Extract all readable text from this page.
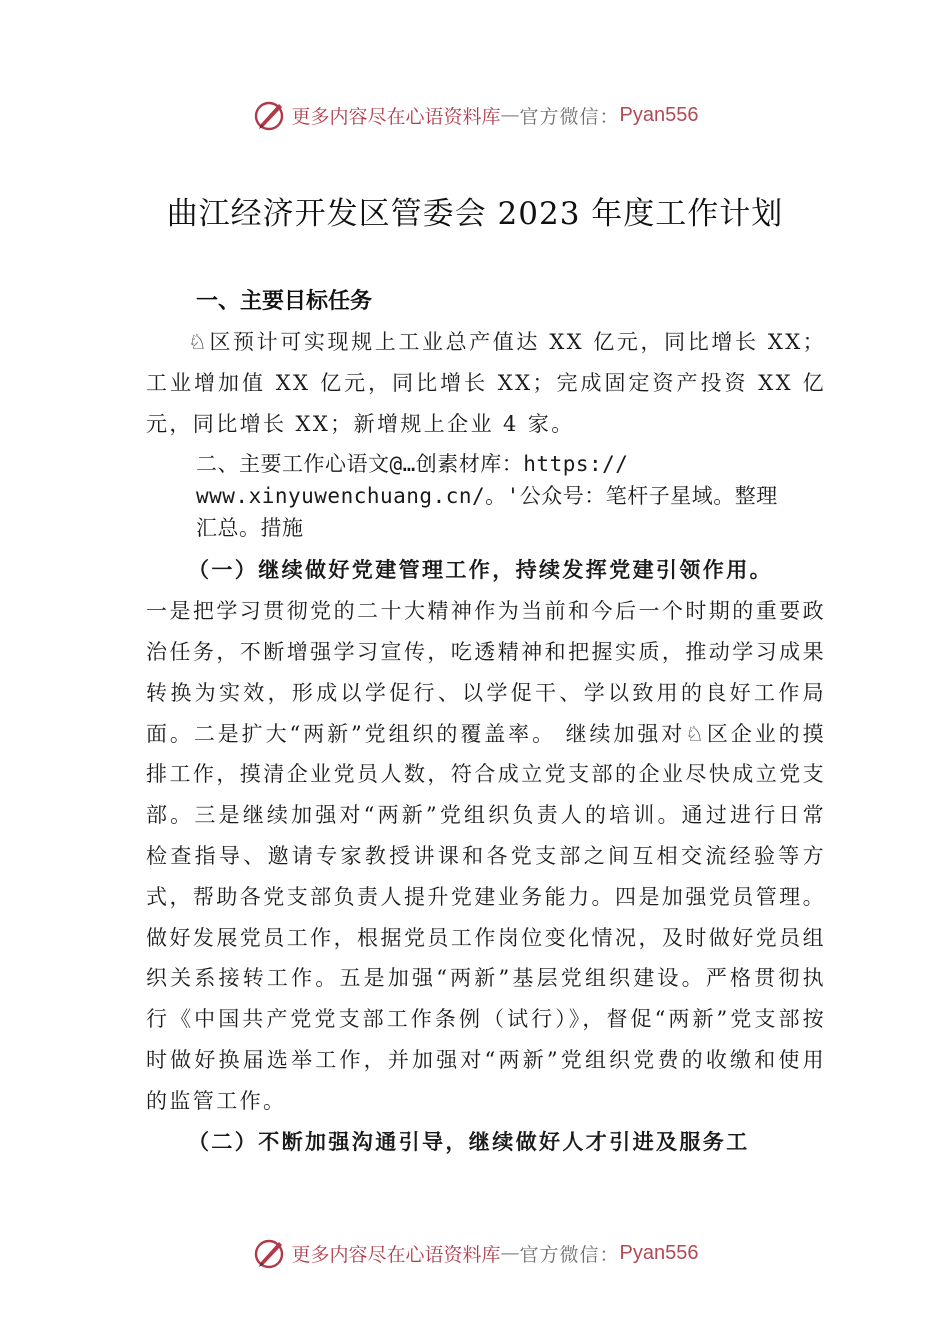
更多内容尽在心语资料库 — 官方微信： Pyan556
曲江经济开发区管委会 2023 年度工作计划
一、主要目标任务

♘区预计可实现规上工业总产值达 XX 亿元，同比增长 XX；工业增加值 XX 亿元，同比增长 XX；完成固定资产投资 XX 亿元，同比增长 XX；新增规上企业 4 家。

二、主要工作心语文@…创素材库：https://
www.xinyuwenchuang.cn/。'公众号：笔杆子星域。整理
汇总。措施

（一）继续做好党建管理工作，持续发挥党建引领作用。

一是把学习贯彻党的二十大精神作为当前和今后一个时期的重要政治任务，不断增强学习宣传，吃透精神和把握实质，推动学习成果转换为实效，形成以学促行、以学促干、学以致用的良好工作局面。二是扩大“两新”党组织的覆盖率。 继续加强对♘区企业的摸排工作，摸清企业党员人数，符合成立党支部的企业尽快成立党支部。三是继续加强对“两新”党组织负责人的培训。通过进行日常检查指导、邀请专家教授讲课和各党支部之间互相交流经验等方式，帮助各党支部负责人提升党建业务能力。四是加强党员管理。做好发展党员工作，根据党员工作岗位变化情况，及时做好党员组织关系接转工作。五是加强“两新”基层党组织建设。严格贯彻执行《中国共产党党支部工作条例（试行）》，督促“两新”党支部按时做好换届选举工作，并加强对“两新”党组织党费的收缴和使用的监管工作。

（二）不断加强沟通引导，继续做好人才引进及服务工

更多内容尽在心语资料库 — 官方微信： Pyan556
